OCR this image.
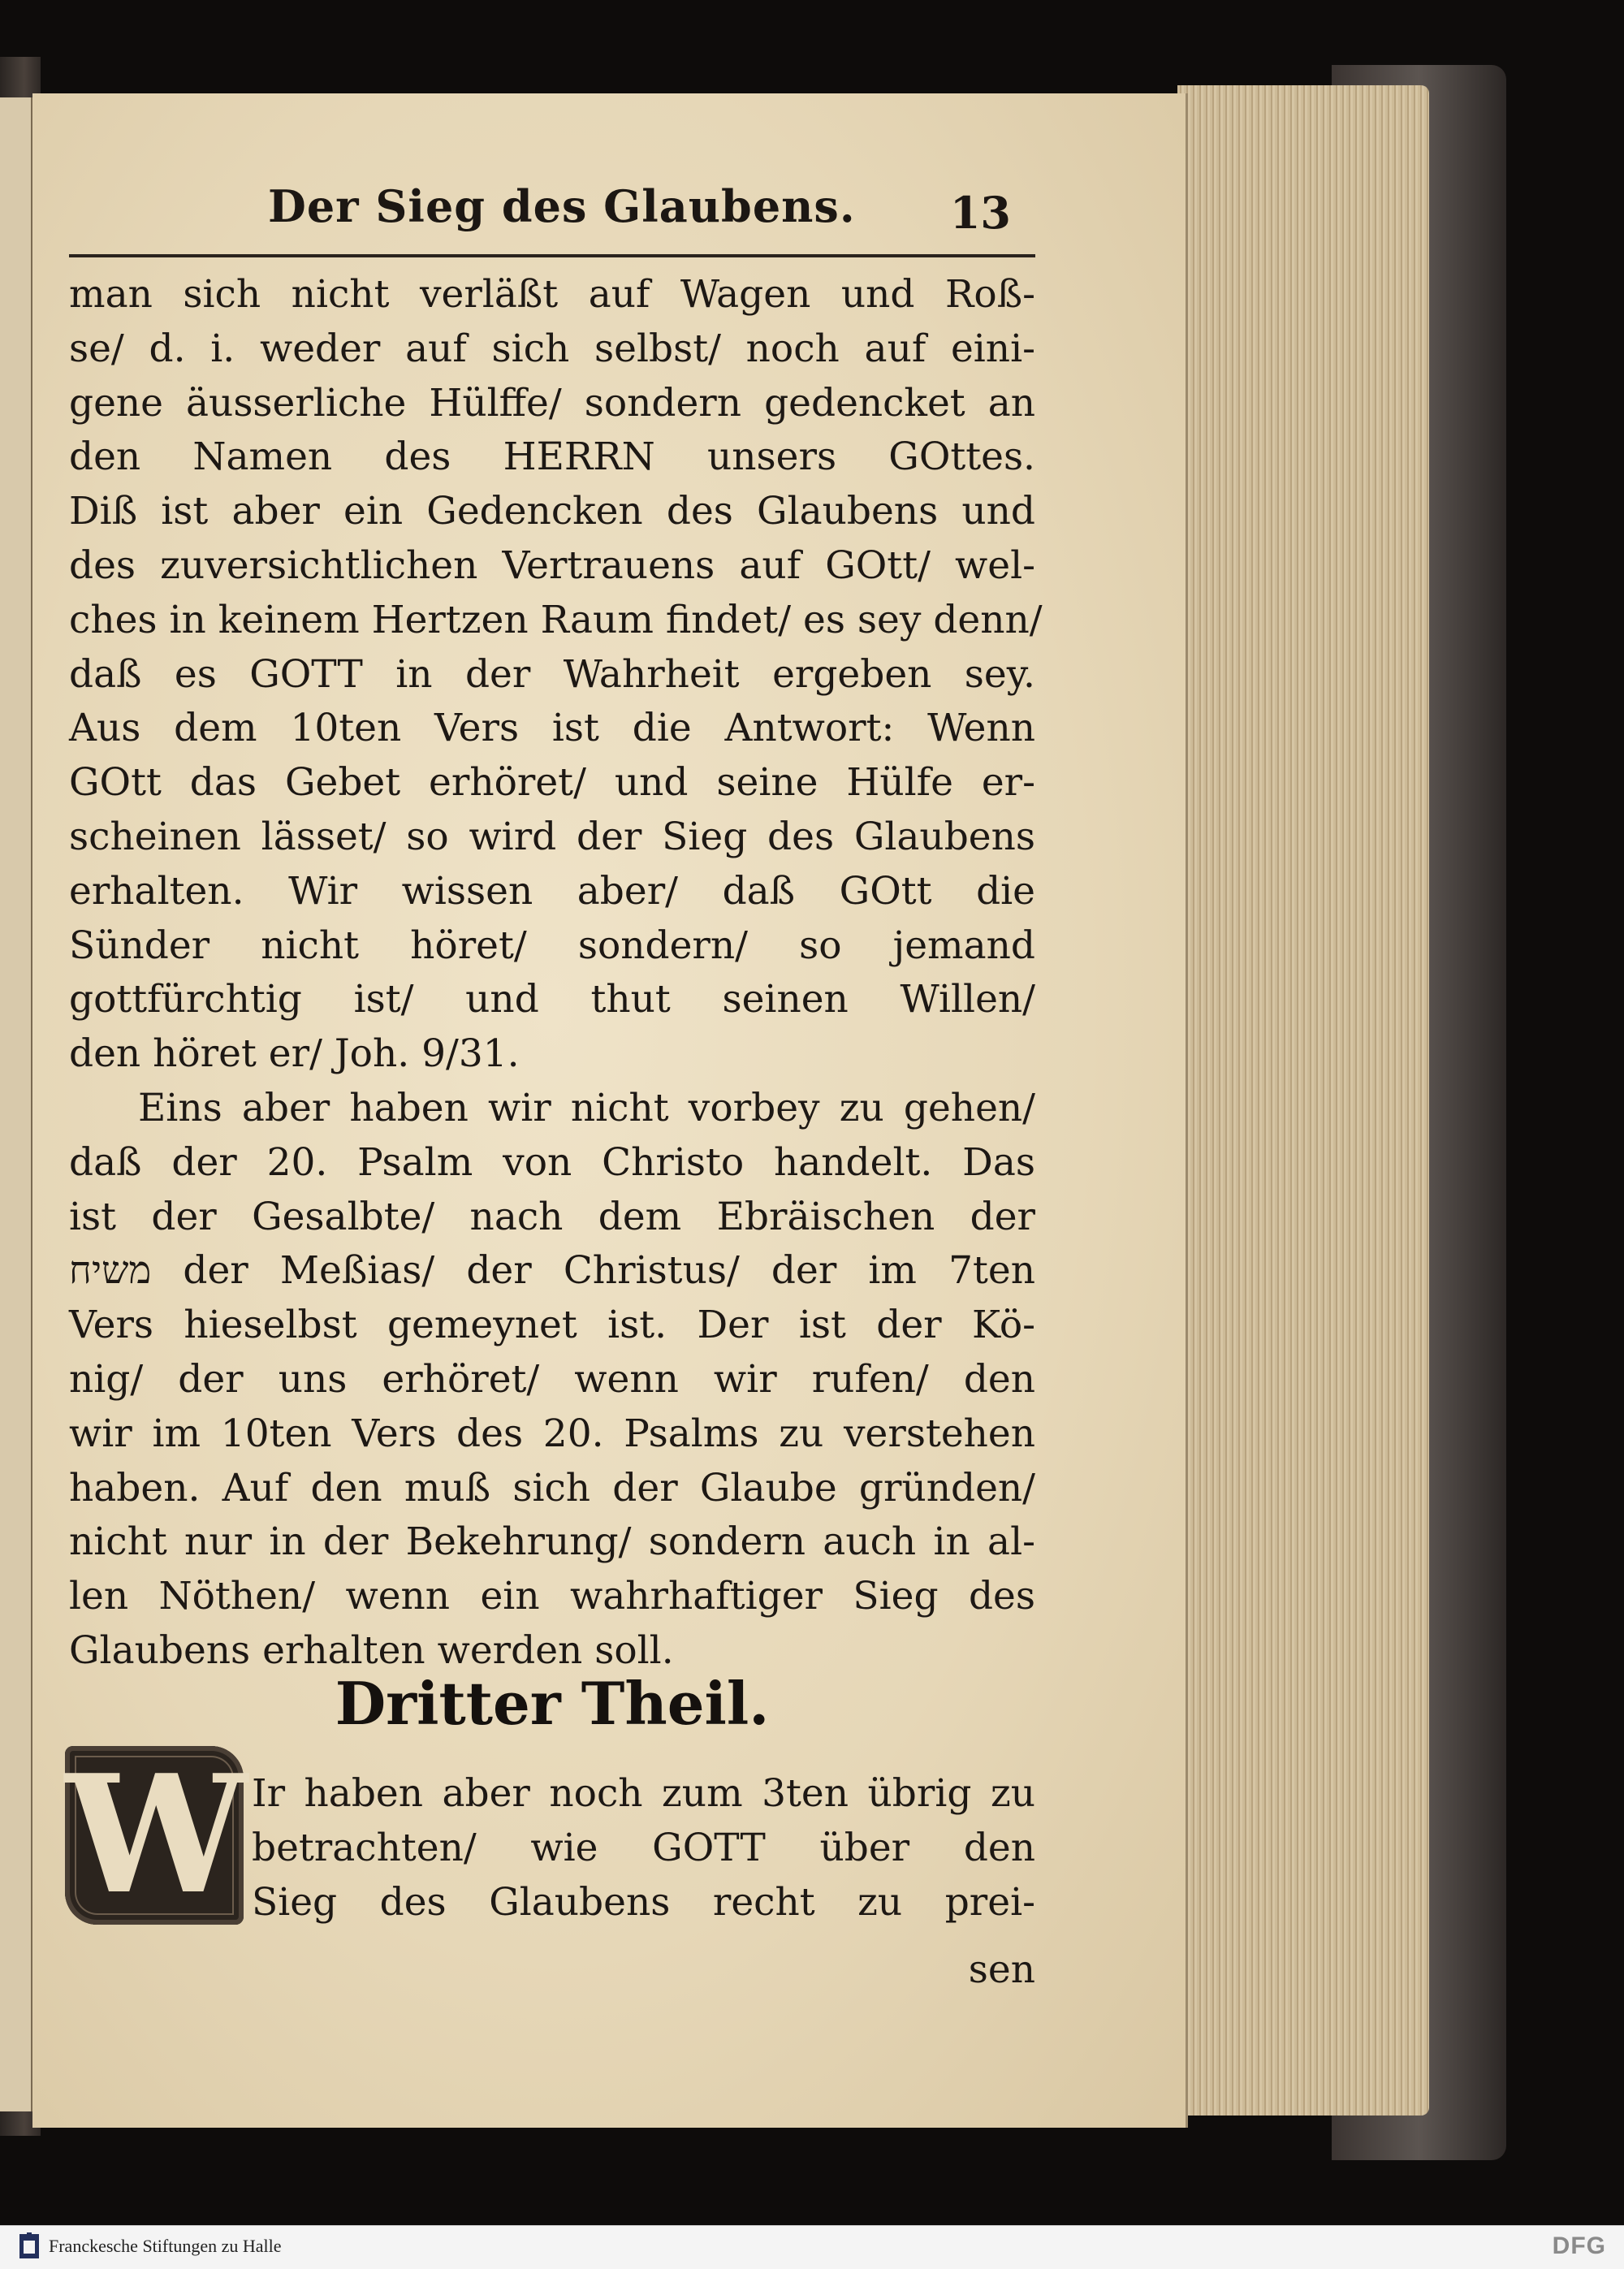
Der Sieg des Glaubens. 13
man sich nicht verläßt auf Wagen und Roß-
se/ d. i. weder auf sich selbst/ noch auf eini-
gene äusserliche Hülffe/ sondern gedencket an
den Namen des HERRN unsers GOttes.
Diß ist aber ein Gedencken des Glaubens und
des zuversichtlichen Vertrauens auf GOtt/ wel-
ches in keinem Hertzen Raum findet/ es sey denn/
daß es GOTT in der Wahrheit ergeben sey.
Aus dem 10ten Vers ist die Antwort: Wenn
GOtt das Gebet erhöret/ und seine Hülfe er-
scheinen lässet/ so wird der Sieg des Glaubens
erhalten. Wir wissen aber/ daß GOtt die
Sünder nicht höret/ sondern/ so jemand
gottfürchtig ist/ und thut seinen Willen/
den höret er/ Joh. 9/31.
Eins aber haben wir nicht vorbey zu gehen/
daß der 20. Psalm von Christo handelt. Das
ist der Gesalbte/ nach dem Ebräischen der
משיח der Meßias/ der Christus/ der im 7ten
Vers hieselbst gemeynet ist. Der ist der Kö-
nig/ der uns erhöret/ wenn wir rufen/ den
wir im 10ten Vers des 20. Psalms zu verstehen
haben. Auf den muß sich der Glaube gründen/
nicht nur in der Bekehrung/ sondern auch in al-
len Nöthen/ wenn ein wahrhaftiger Sieg des
Glaubens erhalten werden soll.
Dritter Theil.
W Ir haben aber noch zum 3ten übrig zu
betrachten/ wie GOTT über den
Sieg des Glaubens recht zu prei-
sen
Franckesche Stiftungen zu Halle	DFG
